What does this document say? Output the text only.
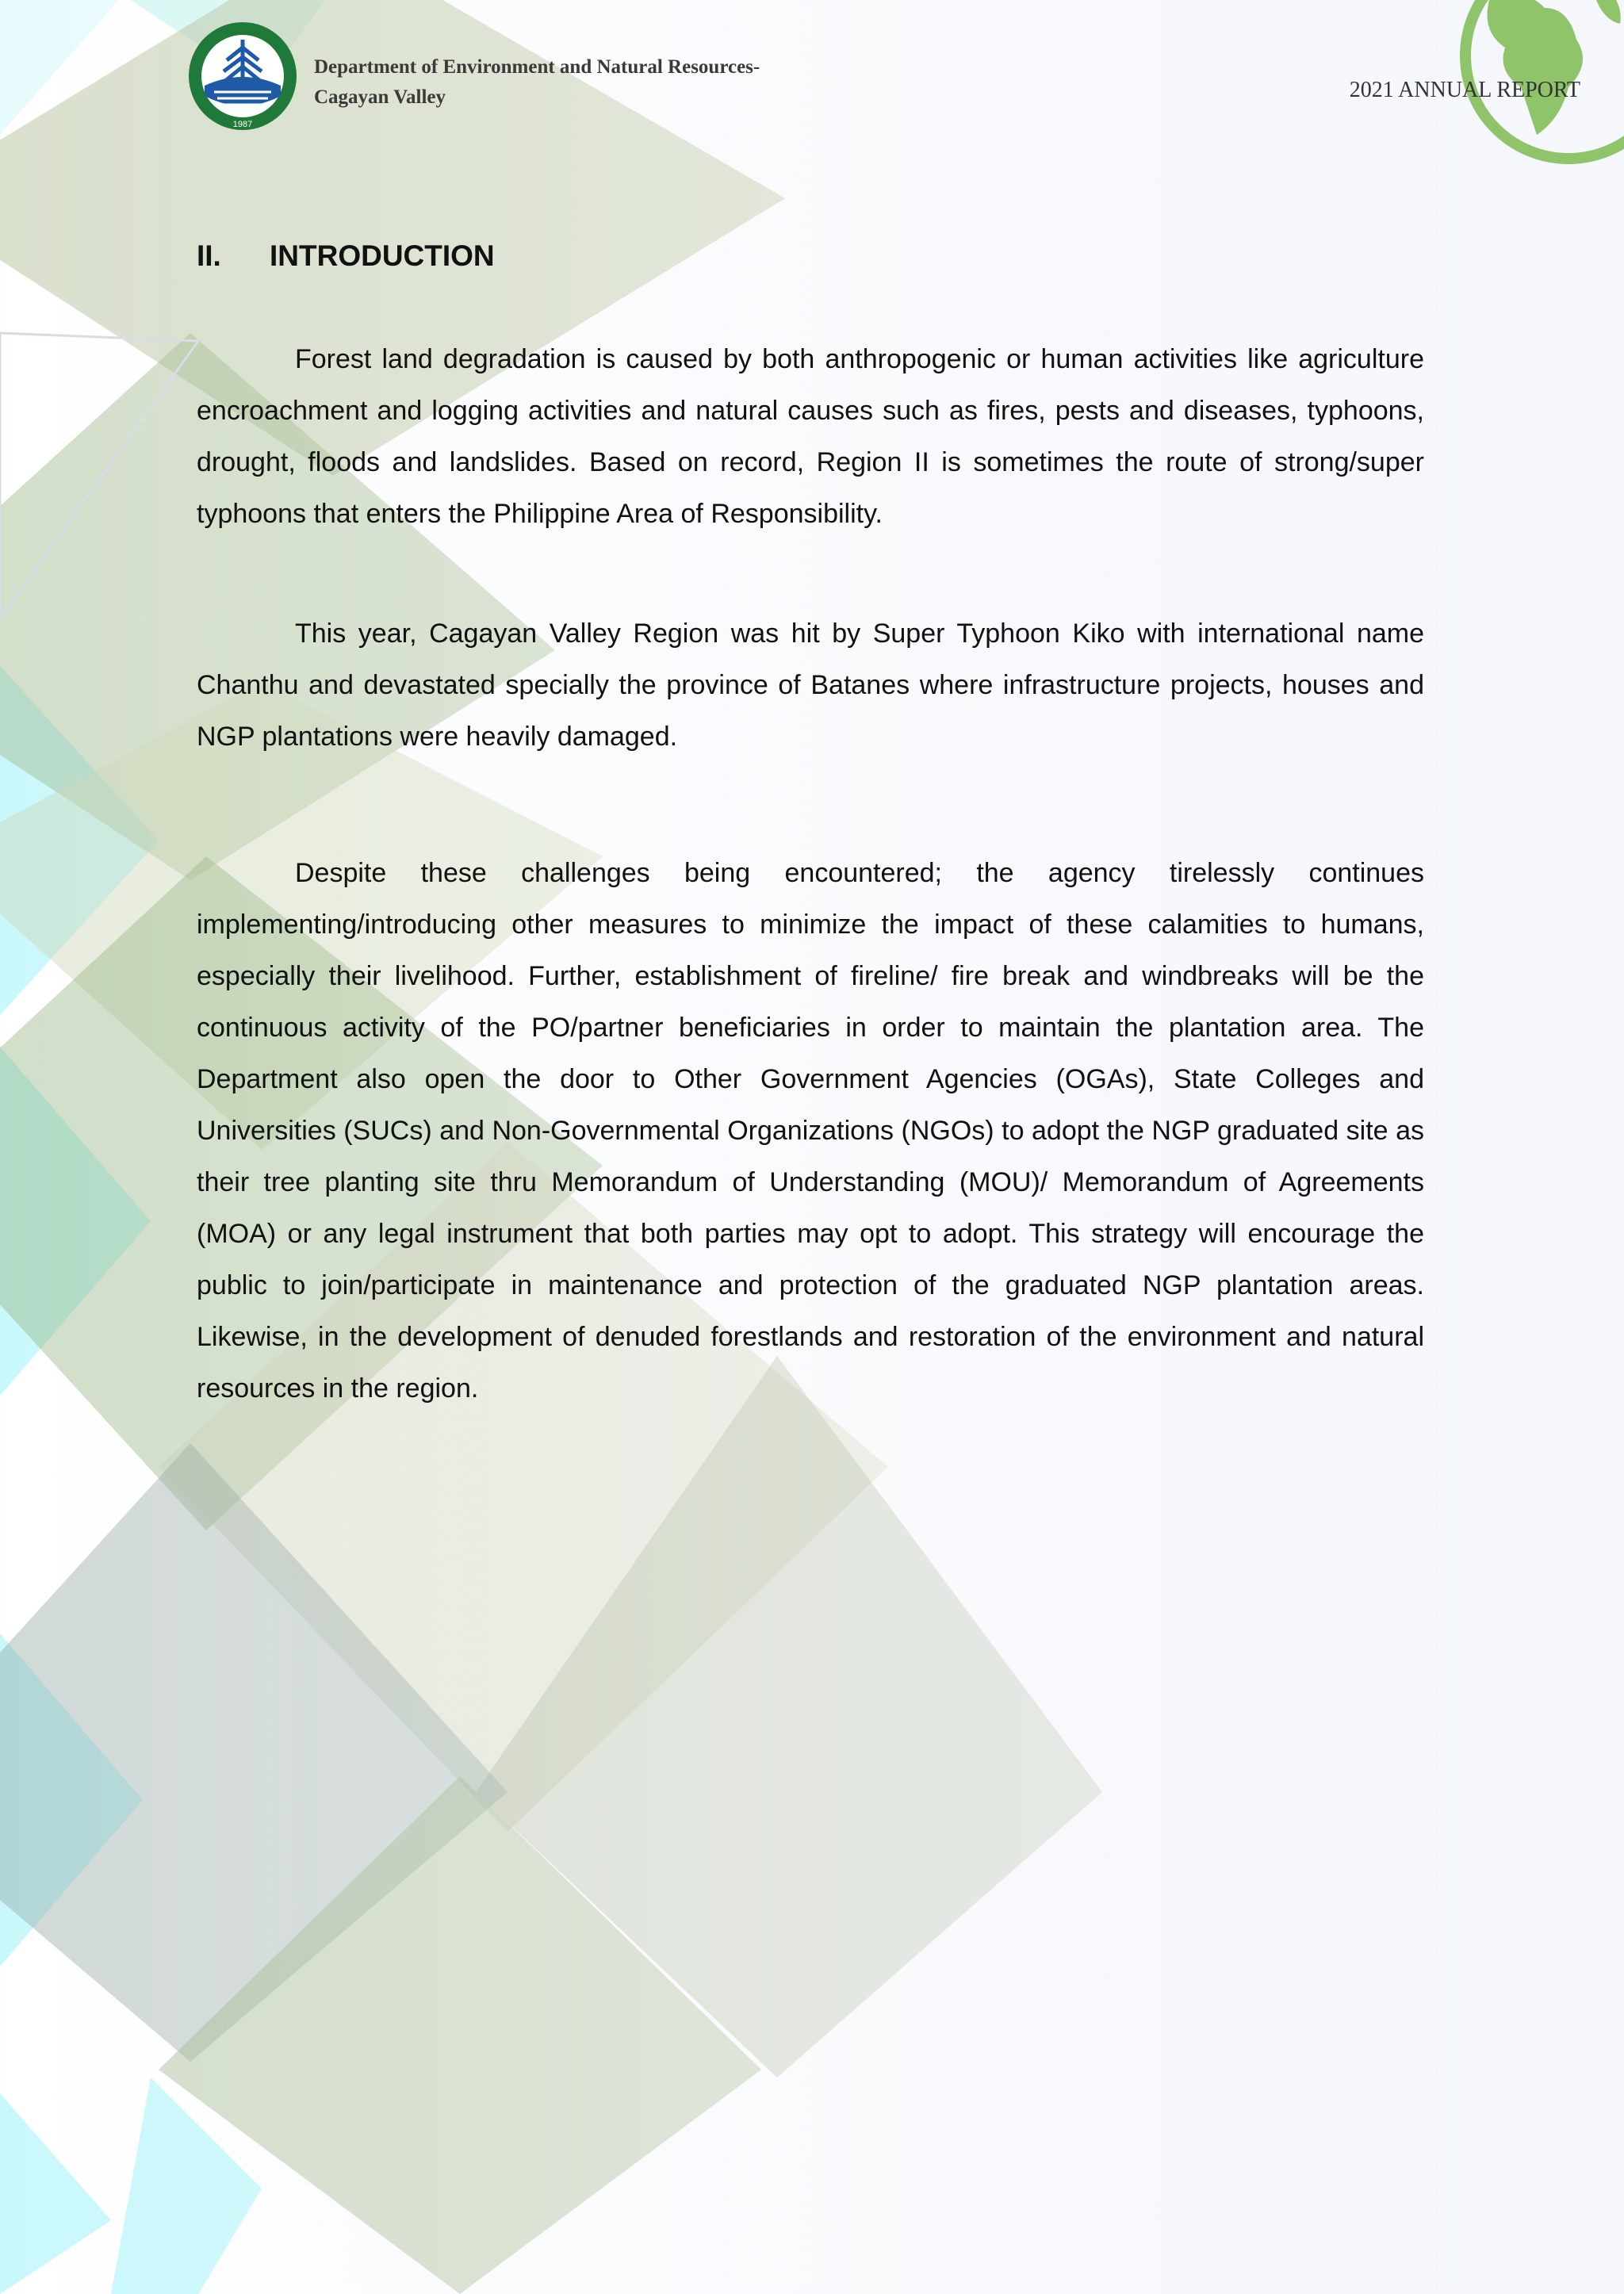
1987
Department of Environment and Natural Resources-
Cagayan Valley	2021 ANNUAL REPORT
II. INTRODUCTION

Forest land degradation is caused by both anthropogenic or human activities like agriculture encroachment and logging activities and natural causes such as fires, pests and diseases, typhoons, drought, floods and landslides. Based on record, Region II is sometimes the route of strong/super typhoons that enters the Philippine Area of Responsibility.

This year, Cagayan Valley Region was hit by Super Typhoon Kiko with international name Chanthu and devastated specially the province of Batanes where infrastructure projects, houses and NGP plantations were heavily damaged.

Despite these challenges being encountered; the agency tirelessly continues implementing/introducing other measures to minimize the impact of these calamities to humans, especially their livelihood. Further, establishment of fireline/ fire break and windbreaks will be the continuous activity of the PO/partner beneficiaries in order to maintain the plantation area. The Department also open the door to Other Government Agencies (OGAs), State Colleges and Universities (SUCs) and Non-Governmental Organizations (NGOs) to adopt the NGP graduated site as their tree planting site thru Memorandum of Understanding (MOU)/ Memorandum of Agreements (MOA) or any legal instrument that both parties may opt to adopt. This strategy will encourage the public to join/participate in maintenance and protection of the graduated NGP plantation areas. Likewise, in the development of denuded forestlands and restoration of the environment and natural resources in the region.
